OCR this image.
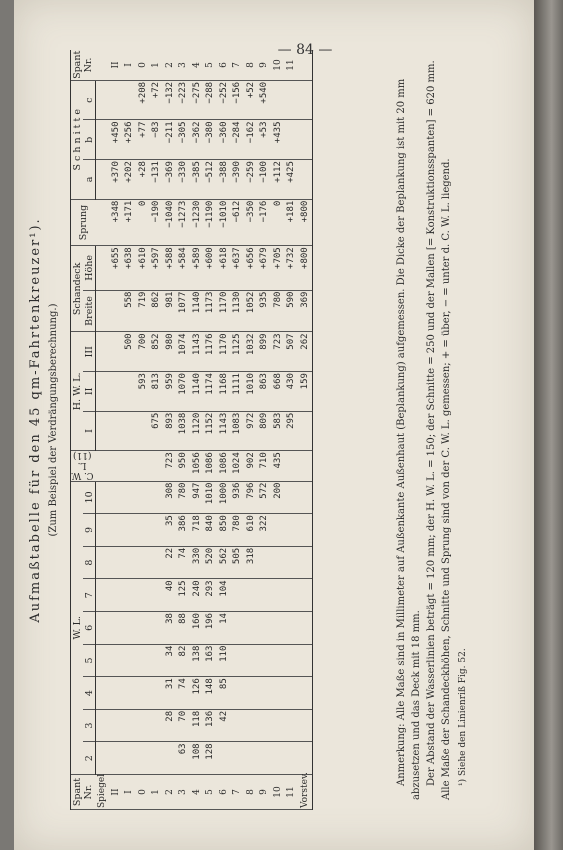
— 84 —
Aufmaßtabelle für den 45 qm-Fahrtenkreuzer¹). (Zum Beispiel der Verdrängungsberechnung.)
Spant Nr.	W. L.									C. W. L. (11)	H. W. L.			Schandeck		Sprung	S c h n i t t e			Spant Nr.
	2	3	4	5	6	7	8	9	10		I	II	III	Breite	Höhe		a	b	c	
Spiegel																				
II															+655	+348	+370	+450		II
I													500	558	+638	+171	+202	+256		I
0												593	700	719	+610	0	+28	+77	+208	0
1											675	813	852	862	+597	−190	−131	−83	+72	1
2		28	31	34	38	40	22	35	308	723	893	959	980	981	+588	−1040	−369	−211	−132	2
3	63	70	74	82	88	125	74	386	780	950	1038	1070	1074	1077	+584	−1273	−330	−305	−223	3
4	108	118	126	138	160	240	330	718	947	1056	1120	1140	1143	1140	+589	−1230	−385	−362	−275	4
5	128	136	148	163	196	293	520	840	1010	1086	1152	1174	1176	1173	+600	−1190	−512	−380	−288	5
6		42	85	110	14	104	562	850	1000	1086	1143	1168	1170	1170	+618	−1010	−388	−360	−252	6
7							505	780	936	1024	1083	1111	1125	1130	+637	−612	−390	−284	−156	7
8							318	610	796	902	972	1010	1032	1052	+656	−350	−259	−162	+52	8
9								322	572	710	809	863	899	935	+679	−176	−100	+53	+540	9
10									200	435	583	668	723	780	+705	0	+112	+435		10
11											295	430	507	590	+732	+181	+425			11
Vorstev.												159	262	369	+800	+800					Anmerkung: Alle Maße sind in Millimeter auf Außenkante Außenhaut (Beplankung) aufgemessen. Die Dicke der Beplankung ist mit 20 mm abzusetzen und das Deck mit 18 mm. Der Abstand der Wasserlinien beträgt = 120 mm; der H. W. L. = 150; der Schnitte = 250 und der Mallen [= Konstruktionsspanten] = 620 mm. Alle Maße der Schandeckhöhen, Schnitte und Sprung sind von der C. W. L. gemessen; + = über, − = unter d. C. W. L. liegend. ¹) Siehe den Linienriß Fig. 52.
